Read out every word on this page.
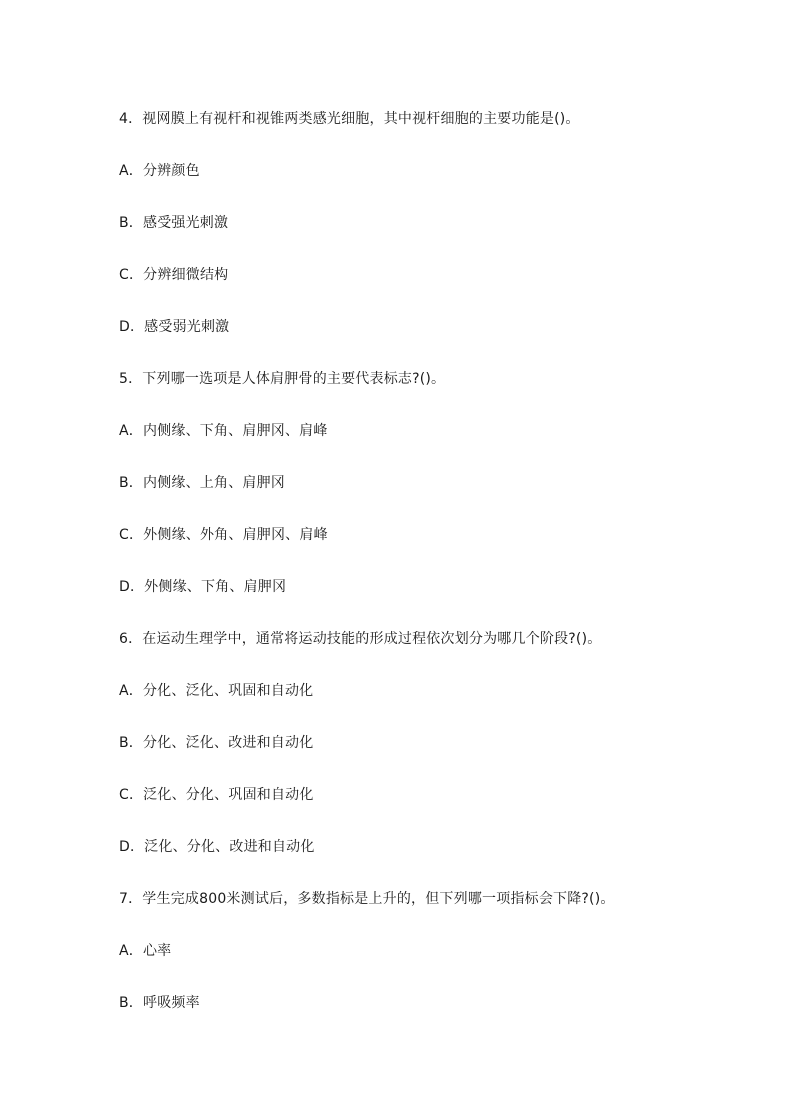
4．视网膜上有视杆和视锥两类感光细胞，其中视杆细胞的主要功能是()。
A．分辨颜色
B．感受强光刺激
C．分辨细微结构
D．感受弱光刺激
5．下列哪一选项是人体肩胛骨的主要代表标志?()。
A．内侧缘、下角、肩胛冈、肩峰
B．内侧缘、上角、肩胛冈
C．外侧缘、外角、肩胛冈、肩峰
D．外侧缘、下角、肩胛冈
6．在运动生理学中，通常将运动技能的形成过程依次划分为哪几个阶段?()。
A．分化、泛化、巩固和自动化
B．分化、泛化、改进和自动化
C．泛化、分化、巩固和自动化
D．泛化、分化、改进和自动化
7．学生完成800米测试后，多数指标是上升的，但下列哪一项指标会下降?()。
A．心率
B．呼吸频率
